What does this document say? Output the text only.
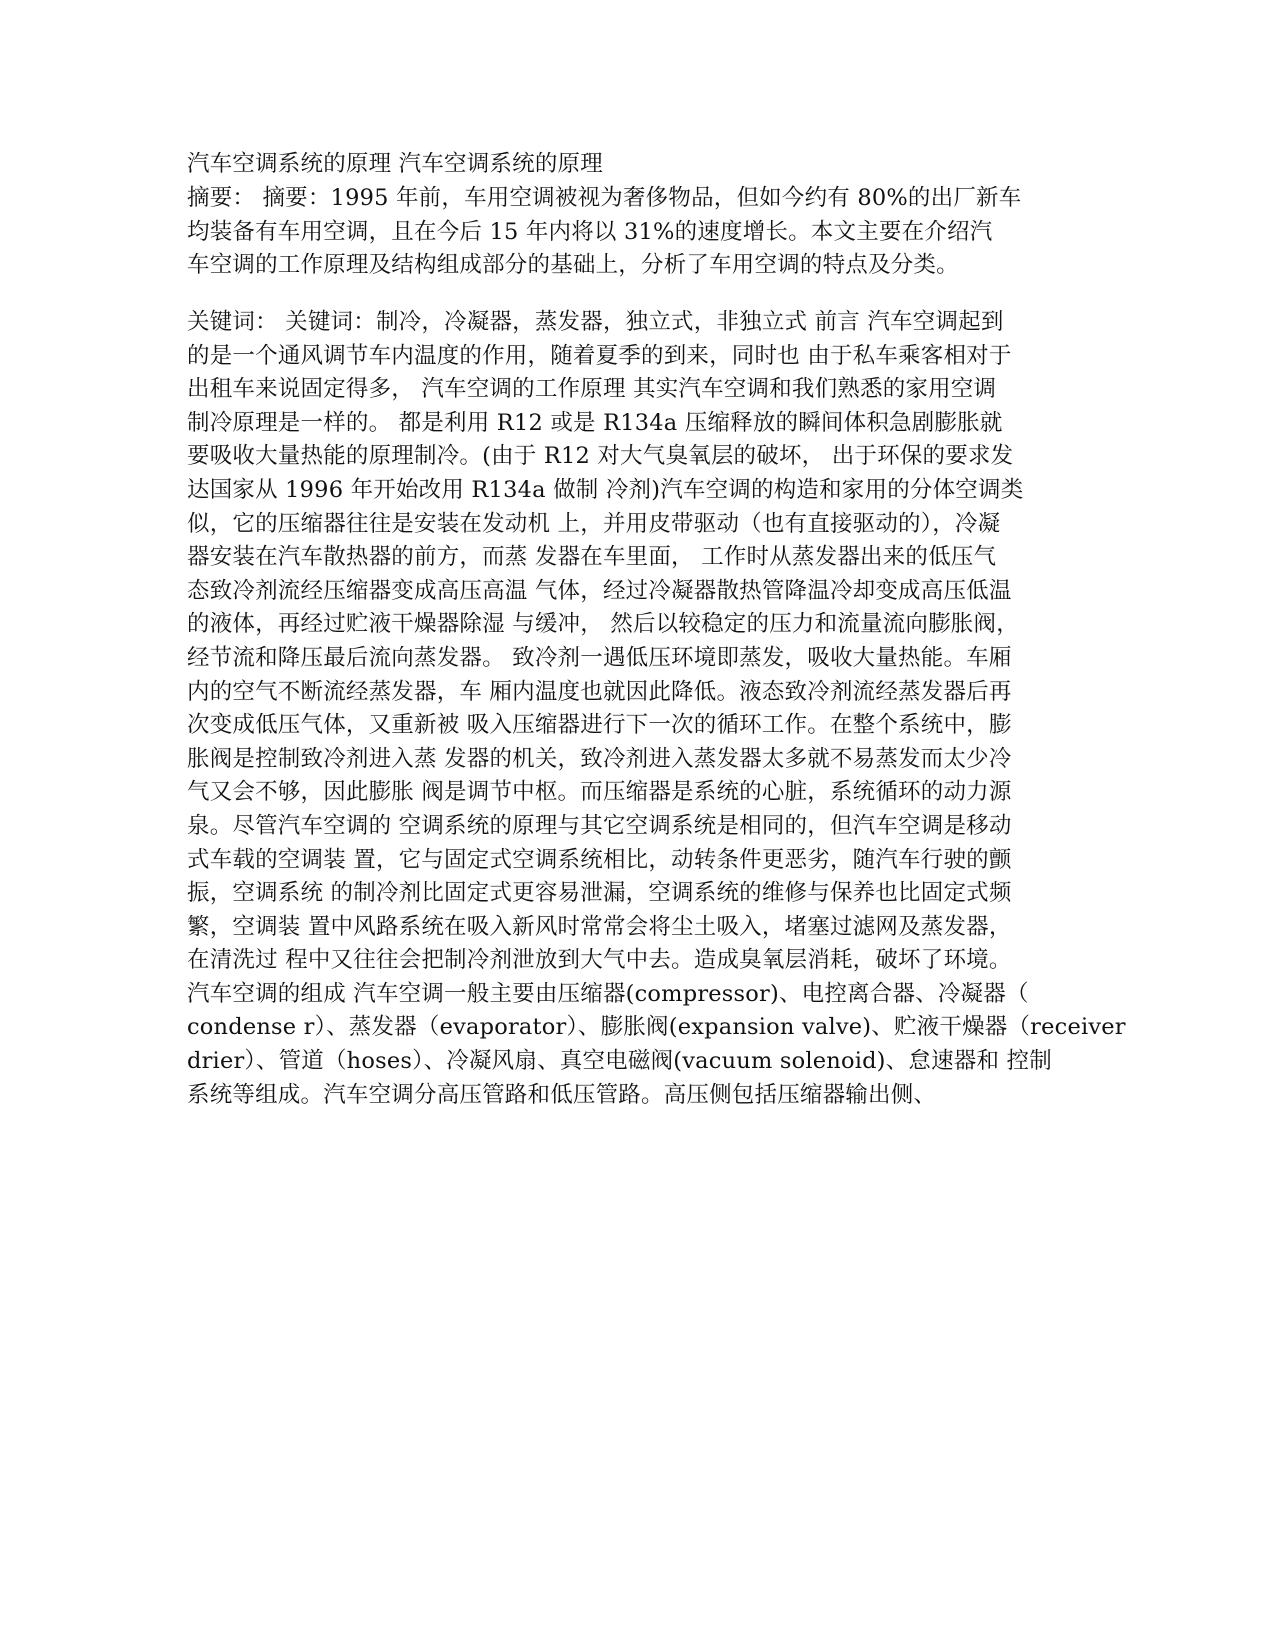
汽车空调系统的原理 汽车空调系统的原理
摘要： 摘要：1995 年前，车用空调被视为奢侈物品，但如今约有 80%的出厂新车
均装备有车用空调，且在今后 15 年内将以 31%的速度增长。本文主要在介绍汽
车空调的工作原理及结构组成部分的基础上，分析了车用空调的特点及分类。
关键词： 关键词：制冷，冷凝器，蒸发器，独立式，非独立式 前言 汽车空调起到
的是一个通风调节车内温度的作用，随着夏季的到来，同时也 由于私车乘客相对于
出租车来说固定得多， 汽车空调的工作原理 其实汽车空调和我们熟悉的家用空调
制冷原理是一样的。 都是利用 R12 或是 R134a 压缩释放的瞬间体积急剧膨胀就
要吸收大量热能的原理制冷。(由于 R12 对大气臭氧层的破坏， 出于环保的要求发
达国家从 1996 年开始改用 R134a 做制 冷剂)汽车空调的构造和家用的分体空调类
似，它的压缩器往往是安装在发动机 上，并用皮带驱动（也有直接驱动的），冷凝
器安装在汽车散热器的前方，而蒸 发器在车里面， 工作时从蒸发器出来的低压气
态致冷剂流经压缩器变成高压高温 气体，经过冷凝器散热管降温冷却变成高压低温
的液体，再经过贮液干燥器除湿 与缓冲， 然后以较稳定的压力和流量流向膨胀阀，
经节流和降压最后流向蒸发器。 致冷剂一遇低压环境即蒸发，吸收大量热能。车厢
内的空气不断流经蒸发器，车 厢内温度也就因此降低。液态致冷剂流经蒸发器后再
次变成低压气体，又重新被 吸入压缩器进行下一次的循环工作。在整个系统中，膨
胀阀是控制致冷剂进入蒸 发器的机关，致冷剂进入蒸发器太多就不易蒸发而太少冷
气又会不够，因此膨胀 阀是调节中枢。而压缩器是系统的心脏，系统循环的动力源
泉。尽管汽车空调的 空调系统的原理与其它空调系统是相同的，但汽车空调是移动
式车载的空调装 置，它与固定式空调系统相比，动转条件更恶劣，随汽车行驶的颤
振，空调系统 的制冷剂比固定式更容易泄漏，空调系统的维修与保养也比固定式频
繁，空调装 置中风路系统在吸入新风时常常会将尘土吸入，堵塞过滤网及蒸发器，
在清洗过 程中又往往会把制冷剂泄放到大气中去。造成臭氧层消耗，破坏了环境。
汽车空调的组成 汽车空调一般主要由压缩器(compressor)、电控离合器、冷凝器（
condense r）、蒸发器（evaporator）、膨胀阀(expansion valve)、贮液干燥器（receiver
drier）、管道（hoses）、冷凝风扇、真空电磁阀(vacuum solenoid)、怠速器和 控制
系统等组成。汽车空调分高压管路和低压管路。高压侧包括压缩器输出侧、
